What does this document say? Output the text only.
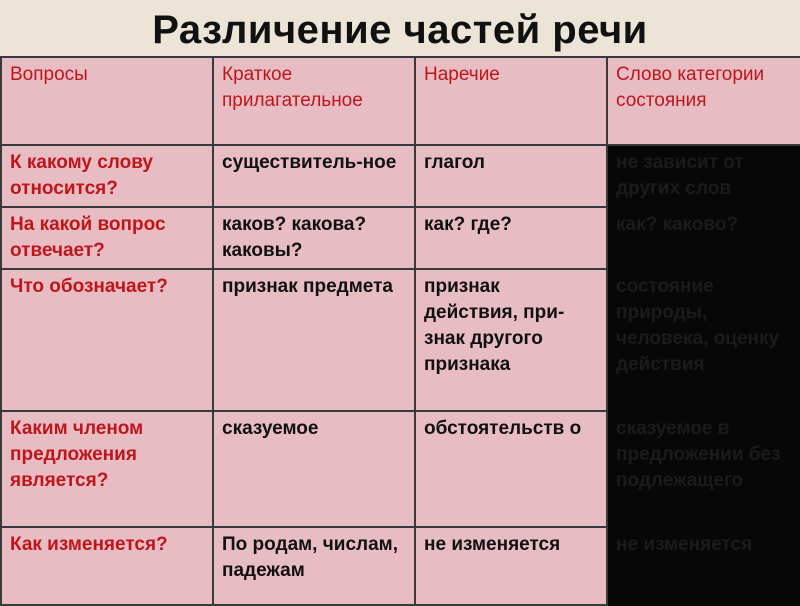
Различение частей речи
Вопросы	Краткое прилагательное	Наречие	Слово категории состояния
К какому слову относится?	существитель-ное	глагол	не зависит от других слов
На какой вопрос отвечает?	каков? какова? каковы?	как? где?	как? каково?
Что обозначает?	признак предмета	признак действия, при-знак другого признака	состояние природы, человека, оценку действия
Каким членом предложения является?	сказуемое	обстоятельств о	сказуемое в предложении без подлежащего
Как изменяется?	По родам, числам, падежам	не изменяется	не изменяется
